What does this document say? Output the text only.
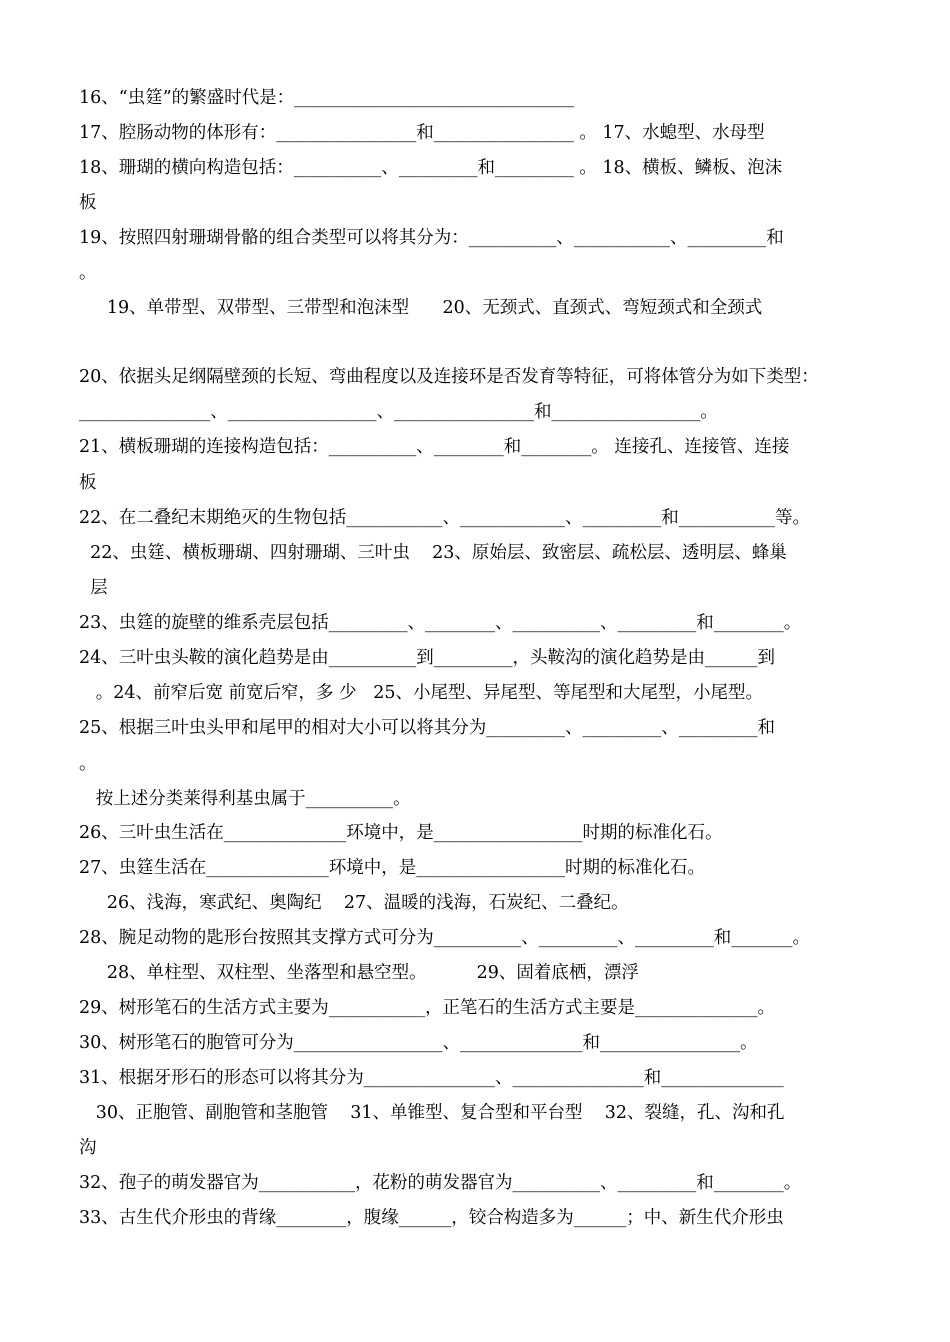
16、“虫筳”的繁盛时代是：________________________________
17、腔肠动物的体形有：________________和________________ 。 17、水螅型、水母型
18、珊瑚的横向构造包括：__________、_________和_________ 。 18、横板、鳞板、泡沫
板
19、按照四射珊瑚骨骼的组合类型可以将其分为：__________、___________、_________和
。
19、单带型、双带型、三带型和泡沫型      20、无颈式、直颈式、弯短颈式和全颈式
20、依据头足纲隔壁颈的长短、弯曲程度以及连接环是否发育等特征，可将体管分为如下类型：
_______________、_________________、________________和_________________。
21、横板珊瑚的连接构造包括：__________、________和________。 连接孔、连接管、连接
板
22、在二叠纪末期绝灭的生物包括___________、____________、_________和___________等。
22、虫筳、横板珊瑚、四射珊瑚、三叶虫    23、原始层、致密层、疏松层、透明层、蜂巢
层
23、虫筳的旋壁的维系壳层包括_________、________、__________、_________和________。
24、三叶虫头鞍的演化趋势是由__________到_________，头鞍沟的演化趋势是由______到
。24、前窄后宽 前宽后窄，多 少   25、小尾型、异尾型、等尾型和大尾型，小尾型。
25、根据三叶虫头甲和尾甲的相对大小可以将其分为_________、_________、_________和
。
按上述分类莱得利基虫属于__________。
26、三叶虫生活在______________环境中，是_________________时期的标准化石。
27、虫筳生活在______________环境中，是_________________时期的标准化石。
26、浅海，寒武纪、奥陶纪    27、温暖的浅海，石炭纪、二叠纪。
28、腕足动物的匙形台按照其支撑方式可分为__________、_________、_________和_______。
28、单柱型、双柱型、坐落型和悬空型。         29、固着底栖，漂浮
29、树形笔石的生活方式主要为___________，正笔石的生活方式主要是______________。
30、树形笔石的胞管可分为_________________、______________和________________。
31、根据牙形石的形态可以将其分为_______________、_______________和______________
30、正胞管、副胞管和茎胞管    31、单锥型、复合型和平台型    32、裂缝，孔、沟和孔
沟
32、孢子的萌发器官为___________，花粉的萌发器官为__________、_________和________。
33、古生代介形虫的背缘________，腹缘______，铰合构造多为______；中、新生代介形虫
